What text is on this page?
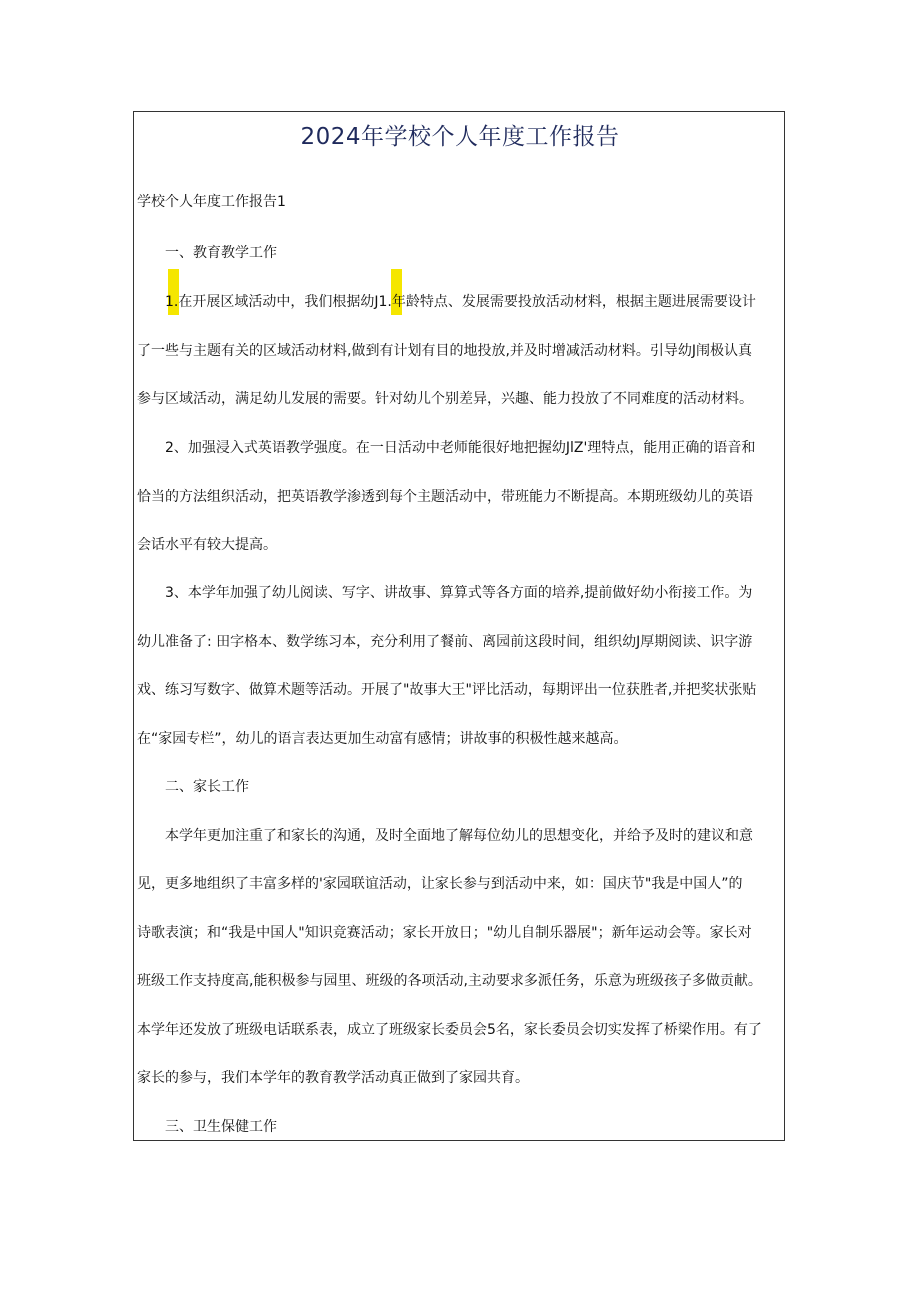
2024年学校个人年度工作报告
学校个人年度工作报告1
一、教育教学工作
1.在开展区域活动中，我们根据幼J1.年龄特点、发展需要投放活动材料，根据主题进展需要设计
了一些与主题有关的区域活动材料,做到有计划有目的地投放,并及时增减活动材料。引导幼J闱极认真
参与区域活动，满足幼儿发展的需要。针对幼儿个别差异，兴趣、能力投放了不同难度的活动材料。
2、加强浸入式英语教学强度。在一日活动中老师能很好地把握幼JlZ'理特点，能用正确的语音和
恰当的方法组织活动，把英语教学渗透到每个主题活动中，带班能力不断提高。本期班级幼儿的英语
会话水平有较大提高。
3、本学年加强了幼儿阅读、写字、讲故事、算算式等各方面的培养,提前做好幼小衔接工作。为
幼儿准备了: 田字格本、数学练习本，充分利用了餐前、离园前这段时间，组织幼J厚期阅读、识字游
戏、练习写数字、做算术题等活动。开展了"故事大王"评比活动，每期评出一位获胜者,并把奖状张贴
在“家园专栏”，幼儿的语言表达更加生动富有感情；讲故事的积极性越来越高。
二、家长工作
本学年更加注重了和家长的沟通，及时全面地了解每位幼儿的思想变化，并给予及时的建议和意
见，更多地组织了丰富多样的'家园联谊活动，让家长参与到活动中来，如：国庆节"我是中国人”的
诗歌表演；和“我是中国人"知识竞赛活动；家长开放日；"幼儿自制乐器展"；新年运动会等。家长对
班级工作支持度高,能积极参与园里、班级的各项活动,主动要求多派任务，乐意为班级孩子多做贡献。
本学年还发放了班级电话联系表，成立了班级家长委员会5名，家长委员会切实发挥了桥梁作用。有了
家长的参与，我们本学年的教育教学活动真正做到了家园共育。
三、卫生保健工作
